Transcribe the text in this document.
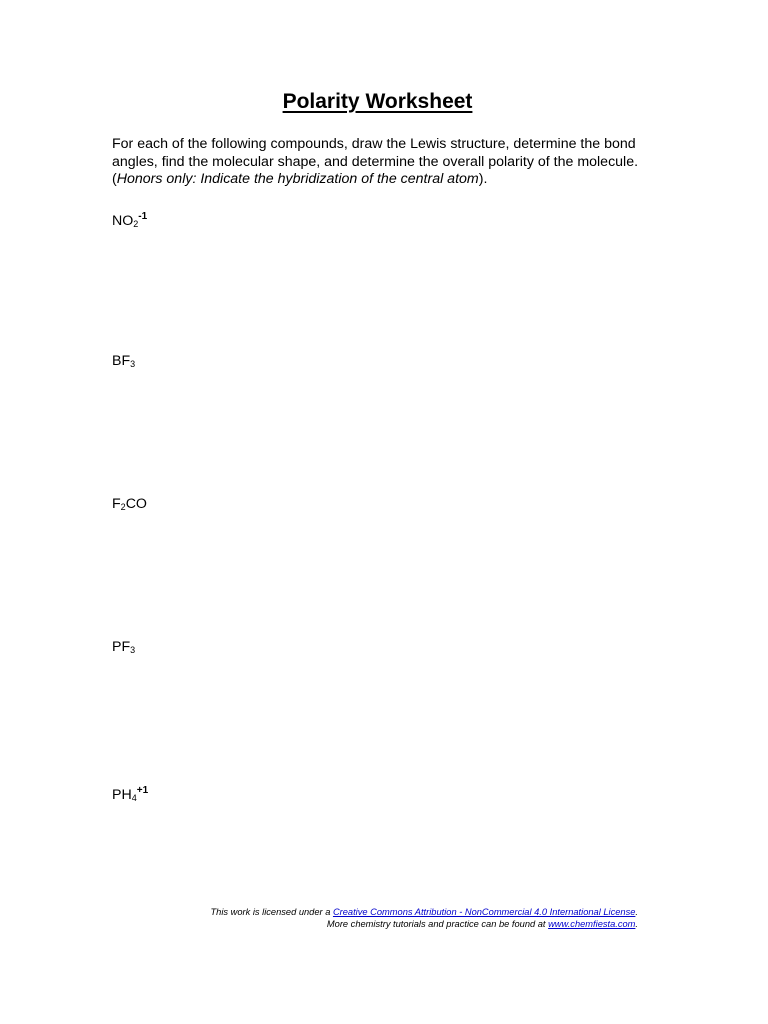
Polarity Worksheet

For each of the following compounds, draw the Lewis structure, determine the bond angles, find the molecular shape, and determine the overall polarity of the molecule. (Honors only: Indicate the hybridization of the central atom).

$NO_2^{-1}$

$BF_3$

$F_2CO$

$PF_3$

$PH_4^{+1}$

This work is licensed under a Creative Commons Attribution - NonCommercial 4.0 International License.
More chemistry tutorials and practice can be found at www.chemfiesta.com.
